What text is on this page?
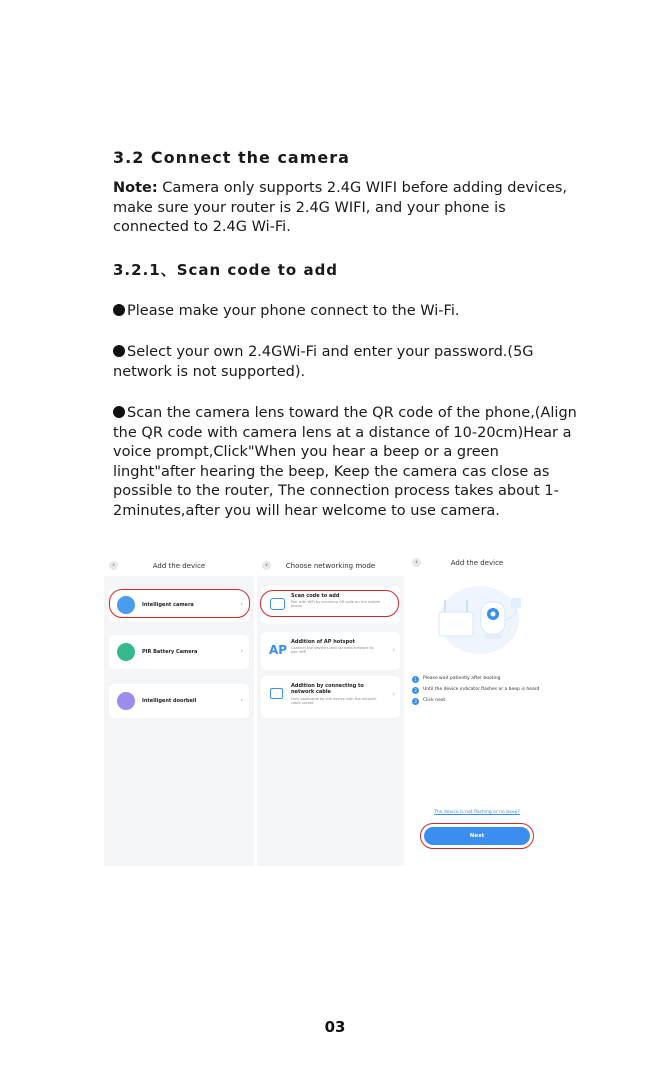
3.2 Connect the camera

Note: Camera only supports 2.4G WIFI before adding devices, make sure your router is 2.4G WIFI, and your phone is connected to 2.4G Wi-Fi.

3.2.1、Scan code to add

Please make your phone connect to the Wi-Fi.

Select your own 2.4GWi-Fi and enter your password.(5G network is not supported).

Scan the camera lens toward the QR code of the phone,(Align the QR code with camera lens at a distance of 10-20cm)Hear a voice prompt,Click"When you hear a beep or a green linght"after hearing the beep, Keep the camera cas close as possible to the router, The connection process takes about 1-2minutes,after you will hear welcome to use camera.

‹	Add the device
Intelligent camera	›
PIR Battery Camera	›
Intelligent doorbell	›
‹	Choose networking mode
Scan code to add
Pair with WiFi by scanning QR code on the mobile phone
AP
Addition of AP hotspot
Connect the device's own wireless network to pair WiFi	›
Addition by connecting to network cable
Only applicable for the device with the network cable socket
›
‹	Add the device
1	Please wait patiently after booting
2	Until the device indicator flashes or a beep is heard
3	Click next
The device is not flashing or no beep?
Next
03
